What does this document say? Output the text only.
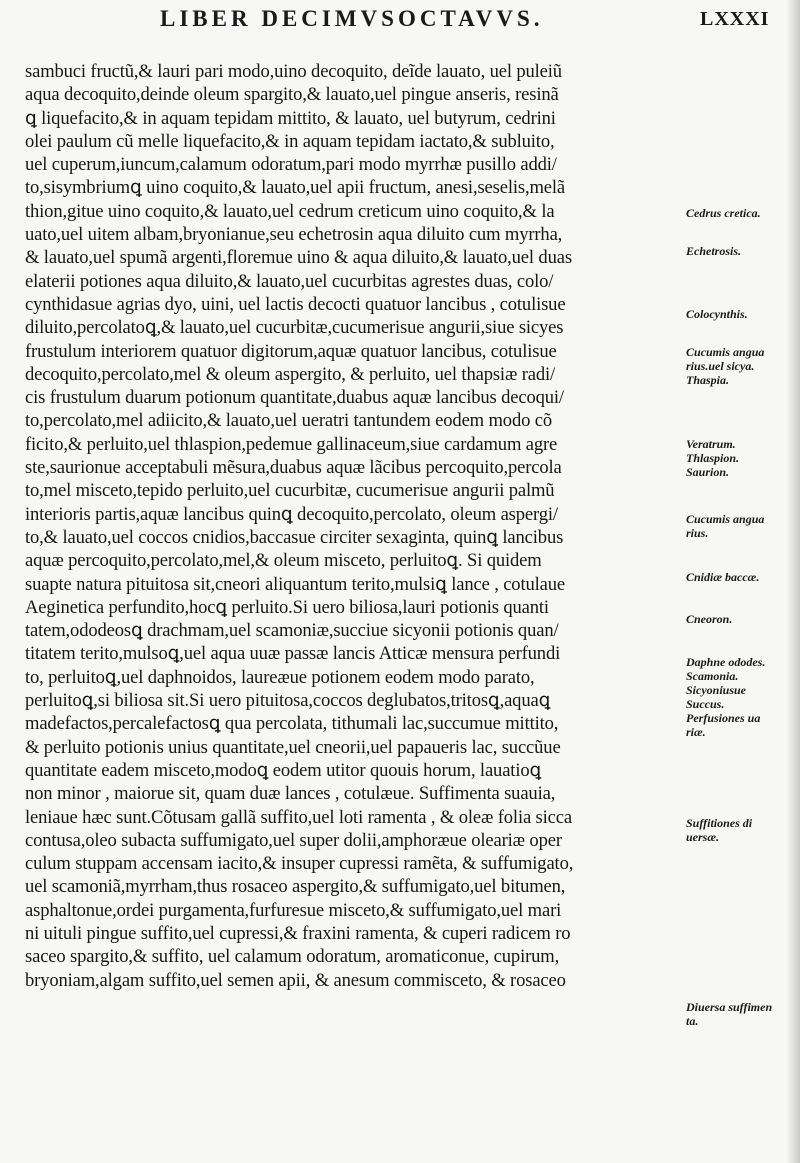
LIBER DECIMVSOCTAVVS.	LXXXI
sambuci fructũ,& lauri pari modo,uino decoquito, deĩde lauato, uel puleiũ
aqua decoquito,deinde oleum spargito,& lauato,uel pingue anseris, resinã
ꝗ liquefacito,& in aquam tepidam mittito, & lauato, uel butyrum, cedrini
olei paulum cũ melle liquefacito,& in aquam tepidam iactato,& subluito,
uel cuperum,iuncum,calamum odoratum,pari modo myrrhæ pusillo addi/
to,sisymbriumꝗ uino coquito,& lauato,uel apii fructum, anesi,seselis,melã
thion,gitue uino coquito,& lauato,uel cedrum creticum uino coquito,& la
uato,uel uitem albam,bryonianue,seu echetrosin aqua diluito cum myrrha,
& lauato,uel spumã argenti,floremue uino & aqua diluito,& lauato,uel duas
elaterii potiones aqua diluito,& lauato,uel cucurbitas agrestes duas, colo/
cynthidasue agrias dyo, uini, uel lactis decocti quatuor lancibus , cotulisue
diluito,percolatoꝗ,& lauato,uel cucurbitæ,cucumerisue angurii,siue sicyes
frustulum interiorem quatuor digitorum,aquæ quatuor lancibus, cotulisue
decoquito,percolato,mel & oleum aspergito, & perluito, uel thapsiæ radi/
cis frustulum duarum potionum quantitate,duabus aquæ lancibus decoqui/
to,percolato,mel adiicito,& lauato,uel ueratri tantundem eodem modo cõ
ficito,& perluito,uel thlaspion,pedemue gallinaceum,siue cardamum agre
ste,saurionue acceptabuli mẽsura,duabus aquæ lãcibus percoquito,percola
to,mel misceto,tepido perluito,uel cucurbitæ, cucumerisue angurii palmũ
interioris partis,aquæ lancibus quinꝗ decoquito,percolato, oleum aspergi/
to,& lauato,uel coccos cnidios,baccasue circiter sexaginta, quinꝗ lancibus
aquæ percoquito,percolato,mel,& oleum misceto, perluitoꝗ. Si quidem
suapte natura pituitosa sit,cneori aliquantum terito,mulsiꝗ lance , cotulaue
Aeginetica perfundito,hocꝗ perluito.Si uero biliosa,lauri potionis quanti
tatem,ododeosꝗ drachmam,uel scamoniæ,succiue sicyonii potionis quan/
titatem terito,mulsoꝗ,uel aqua uuæ passæ lancis Atticæ mensura perfundi
to, perluitoꝗ,uel daphnoidos, laureæue potionem eodem modo parato,
perluitoꝗ,si biliosa sit.Si uero pituitosa,coccos deglubatos,tritosꝗ,aquaꝗ
madefactos,percalefactosꝗ qua percolata, tithumali lac,succumue mittito,
& perluito potionis unius quantitate,uel cneorii,uel papaueris lac, succũue
quantitate eadem misceto,modoꝗ eodem utitor quouis horum, lauatioꝗ
non minor , maiorue sit, quam duæ lances , cotulæue. Suffimenta suauia,
leniaue hæc sunt.Cõtusam gallã suffito,uel loti ramenta , & oleæ folia sicca
contusa,oleo subacta suffumigato,uel super dolii,amphoræue oleariæ oper
culum stuppam accensam iacito,& insuper cupressi ramẽta, & suffumigato,
uel scamoniã,myrrham,thus rosaceo aspergito,& suffumigato,uel bitumen,
asphaltonue,ordei purgamenta,furfuresue misceto,& suffumigato,uel mari
ni uituli pingue suffito,uel cupressi,& fraxini ramenta, & cuperi radicem ro
saceo spargito,& suffito, uel calamum odoratum, aromaticonue, cupirum,
bryoniam,algam suffito,uel semen apii, & anesum commisceto, & rosaceo
Cedrus cretica.
Echetrosis.
Colocynthis.
Cucumis angua
rius.uel sicya.
Thaspia.
Veratrum.
Thlaspion.
Saurion.
Cucumis angua
rius.
Cnidiæ baccæ.
Cneoron.
Daphne ododes.
Scamonia.
Sicyoniusue
Succus.
Perfusiones ua
riæ.
Suffitiones di
uersæ.
Diuersa suffimen
ta.
